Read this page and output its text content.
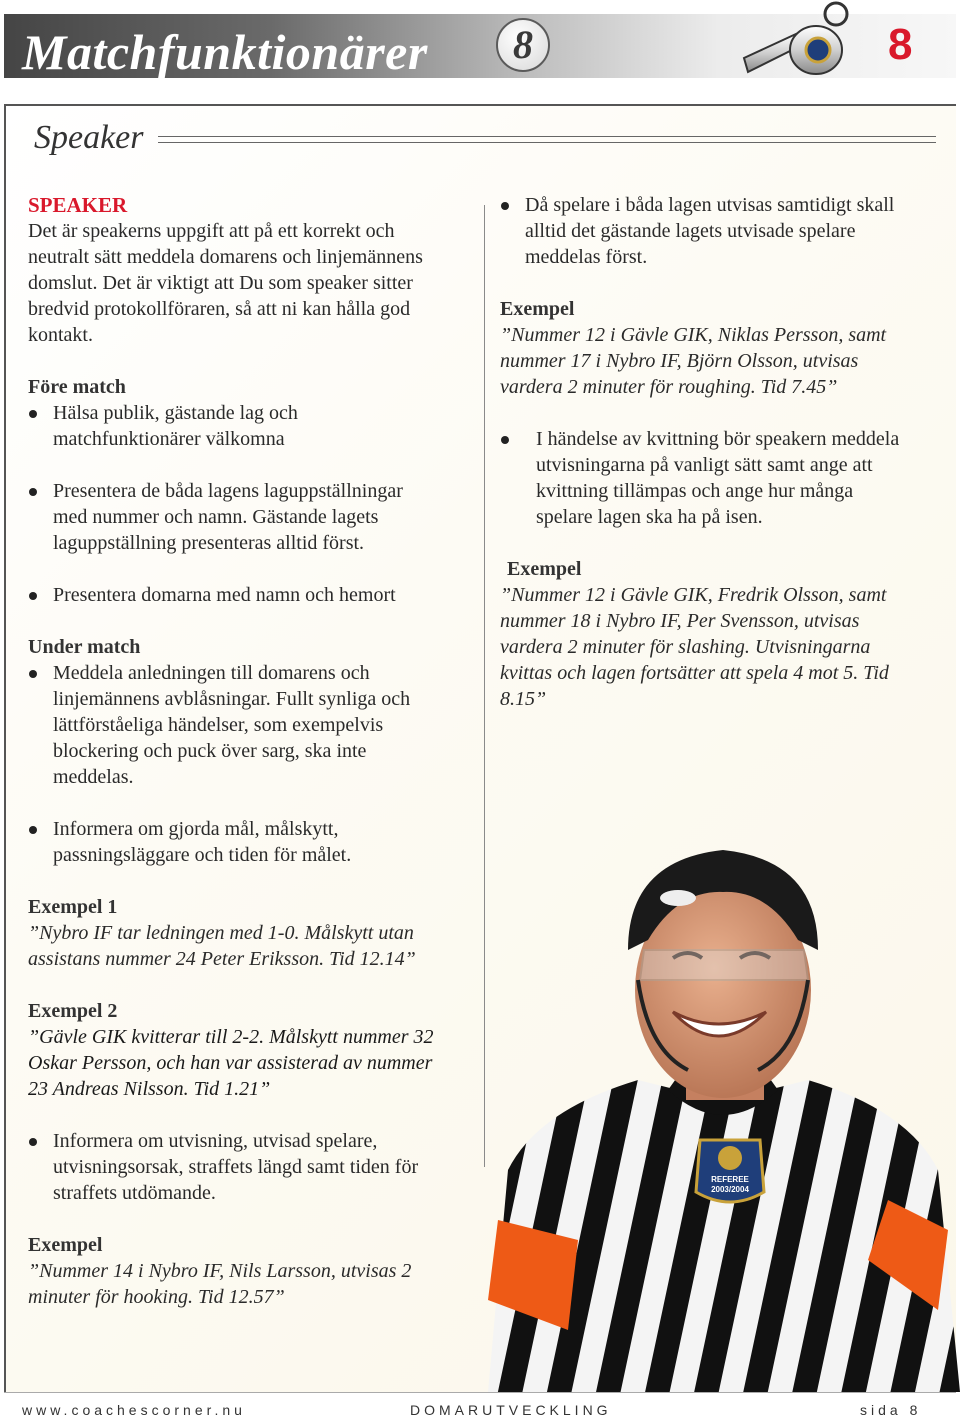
Matchfunktionärer	8	8
Speaker

SPEAKER

Det är speakerns uppgift att på ett korrekt och
neutralt sätt meddela domarens och linjemännens
domslut. Det är viktigt att Du som speaker sitter
bredvid protokollföraren, så att ni kan hålla god
kontakt.

Före match

Hälsa publik, gästande lag och
matchfunktionärer välkomna
Presentera de båda lagens laguppställningar
med nummer och namn. Gästande lagets
laguppställning presenteras alltid först.
Presentera domarna med namn och hemort

Under match

Meddela anledningen till domarens och
linjemännens avblåsningar. Fullt synliga och
lättförståeliga händelser, som exempelvis
blockering och puck över sarg, ska inte
meddelas.
Informera om gjorda mål, målskytt,
passningsläggare och tiden för målet.

Exempel 1

”Nybro IF tar ledningen med 1-0. Målskytt utan
assistans nummer 24 Peter Eriksson. Tid 12.14”

Exempel 2

”Gävle GIK kvitterar till 2-2. Målskytt nummer 32
Oskar Persson, och han var assisterad av nummer
23 Andreas Nilsson. Tid 1.21”

Informera om utvisning, utvisad spelare,
utvisningsorsak, straffets längd samt tiden för
straffets utdömande.

Exempel

”Nummer 14 i Nybro IF, Nils Larsson, utvisas 2
minuter för hooking. Tid 12.57”

Då spelare i båda lagen utvisas samtidigt skall
alltid det gästande lagets utvisade spelare
meddelas först.

Exempel

”Nummer 12 i Gävle GIK, Niklas Persson, samt
nummer 17 i Nybro IF, Björn Olsson, utvisas
vardera 2 minuter för roughing. Tid 7.45”

I händelse av kvittning bör speakern meddela
utvisningarna på vanligt sätt samt ange att
kvittning tillämpas och ange hur många
spelare lagen ska ha på isen.

Exempel

”Nummer 12 i Gävle GIK, Fredrik Olsson, samt
nummer 18 i Nybro IF, Per Svensson, utvisas
vardera 2 minuter för slashing. Utvisningarna
kvittas och lagen fortsätter att spela 4 mot 5. Tid
8.15”

REFEREE
2003/2004
www.coachescorner.nu	DOMARUTVECKLING	sida 8
